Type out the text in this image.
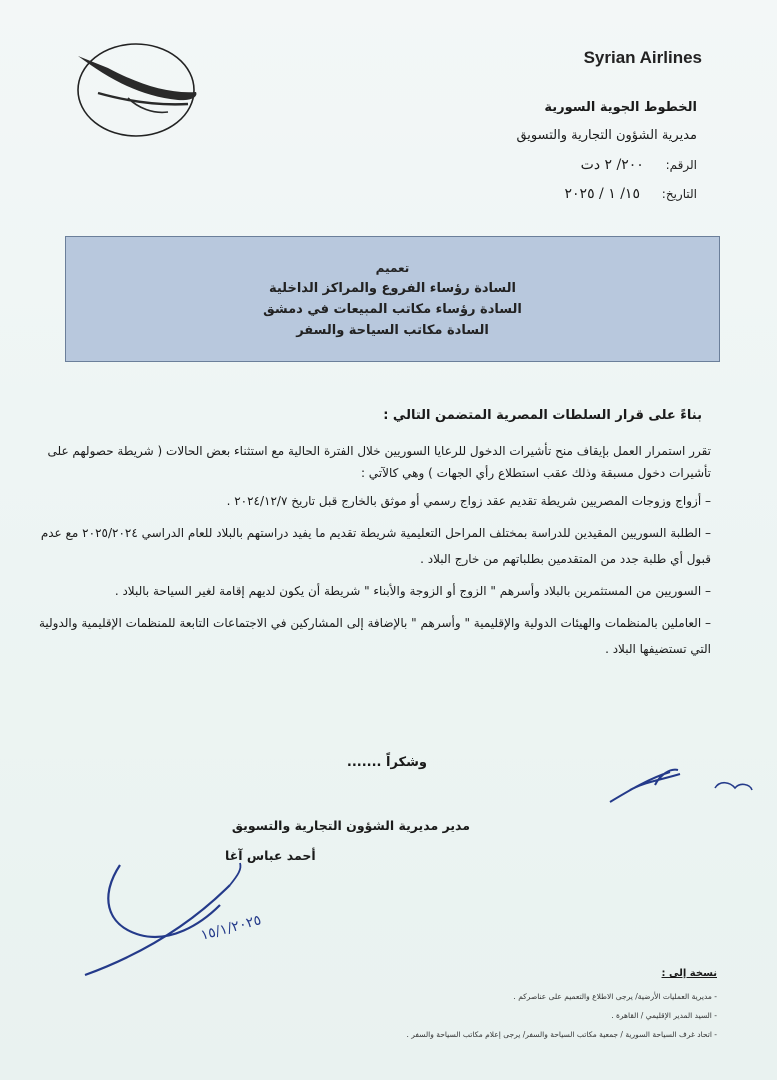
Syrian Airlines
الخطوط الجوية السورية
مديرية الشؤون التجارية والتسويق
الرقم: ٢٠٠/ ٢ دت
التاريخ: ١٥/ ١ / ٢٠٢٥
تعميم
السادة رؤساء الفروع والمراكز الداخلية
السادة رؤساء مكاتب المبيعات في دمشق
السادة مكاتب السياحة والسفر
بناءً على قرار السلطات المصرية المتضمن التالي :
تقرر استمرار العمل بإيقاف منح تأشيرات الدخول للرعايا السوريين خلال الفترة الحالية مع استثناء بعض الحالات ( شريطة حصولهم على تأشيرات دخول مسبقة وذلك عقب استطلاع رأي الجهات ) وهي كالآتي :
– أزواج وزوجات المصريين شريطة تقديم عقد زواج رسمي أو موثق بالخارج قبل تاريخ ٢٠٢٤/١٢/٧ .
– الطلبة السوريين المقيدين للدراسة بمختلف المراحل التعليمية شريطة تقديم ما يفيد دراستهم بالبلاد للعام الدراسي ٢٠٢٥/٢٠٢٤ مع عدم قبول أي طلبة جدد من المتقدمين بطلباتهم من خارج البلاد .
– السوريين من المستثمرين بالبلاد وأسرهم " الزوج أو الزوجة والأبناء " شريطة أن يكون لديهم إقامة لغير السياحة بالبلاد .
– العاملين بالمنظمات والهيئات الدولية والإقليمية " وأسرهم " بالإضافة إلى المشاركين في الاجتماعات التابعة للمنظمات الإقليمية والدولية التي تستضيفها البلاد .
وشكراً .......
مدير مديرية الشؤون التجارية والتسويق
أحمد عباس آغا
١٥/١/٢٠٢٥
نسخة إلى :
- مديرية العمليات الأرضية/ يرجى الاطلاع والتعميم على عناصركم .
- السيد المدير الإقليمي / القاهرة .
- اتحاد غرف السياحة السورية / جمعية مكاتب السياحة والسفر/ يرجى إعلام مكاتب السياحة والسفر .
